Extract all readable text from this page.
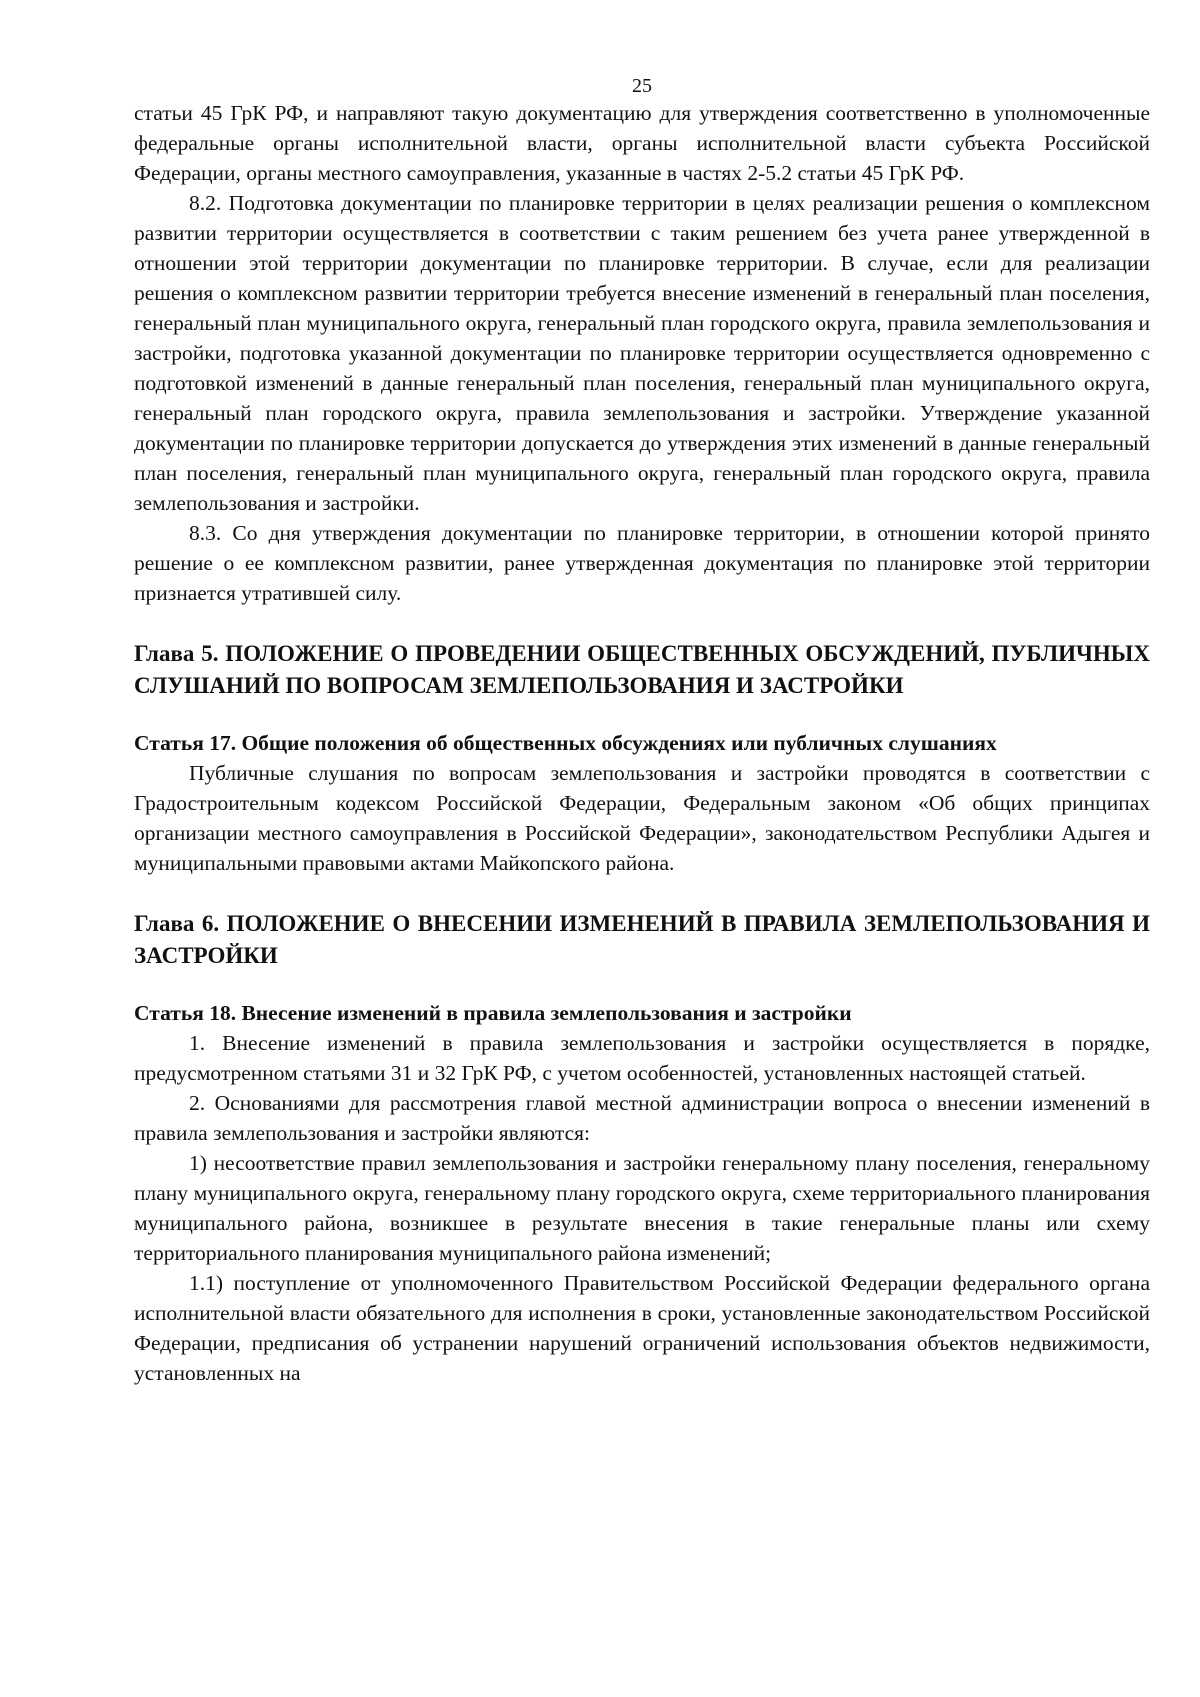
25

статьи 45 ГрК РФ, и направляют такую документацию для утверждения соответственно в уполномоченные федеральные органы исполнительной власти, органы исполнительной власти субъекта Российской Федерации, органы местного самоуправления, указанные в частях 2-5.2 статьи 45 ГрК РФ.

8.2. Подготовка документации по планировке территории в целях реализации решения о комплексном развитии территории осуществляется в соответствии с таким решением без учета ранее утвержденной в отношении этой территории документации по планировке территории. В случае, если для реализации решения о комплексном развитии территории требуется внесение изменений в генеральный план поселения, генеральный план муниципального округа, генеральный план городского округа, правила землепользования и застройки, подготовка указанной документации по планировке территории осуществляется одновременно с подготовкой изменений в данные генеральный план поселения, генеральный план муниципального округа, генеральный план городского округа, правила землепользования и застройки. Утверждение указанной документации по планировке территории допускается до утверждения этих изменений в данные генеральный план поселения, генеральный план муниципального округа, генеральный план городского округа, правила землепользования и застройки.

8.3. Со дня утверждения документации по планировке территории, в отношении которой принято решение о ее комплексном развитии, ранее утвержденная документация по планировке этой территории признается утратившей силу.

Глава 5. ПОЛОЖЕНИЕ О ПРОВЕДЕНИИ ОБЩЕСТВЕННЫХ ОБСУЖДЕНИЙ, ПУБЛИЧНЫХ СЛУШАНИЙ ПО ВОПРОСАМ ЗЕМЛЕПОЛЬЗОВАНИЯ И ЗАСТРОЙКИ
Статья 17. Общие положения об общественных обсуждениях или публичных слушаниях

Публичные слушания по вопросам землепользования и застройки проводятся в соответствии с Градостроительным кодексом Российской Федерации, Федеральным законом «Об общих принципах организации местного самоуправления в Российской Федерации», законодательством Республики Адыгея и муниципальными правовыми актами Майкопского района.

Глава 6. ПОЛОЖЕНИЕ О ВНЕСЕНИИ ИЗМЕНЕНИЙ В ПРАВИЛА ЗЕМЛЕПОЛЬЗОВАНИЯ И ЗАСТРОЙКИ
Статья 18. Внесение изменений в правила землепользования и застройки

1. Внесение изменений в правила землепользования и застройки осуществляется в порядке, предусмотренном статьями 31 и 32 ГрК РФ, с учетом особенностей, установленных настоящей статьей.

2. Основаниями для рассмотрения главой местной администрации вопроса о внесении изменений в правила землепользования и застройки являются:

1) несоответствие правил землепользования и застройки генеральному плану поселения, генеральному плану муниципального округа, генеральному плану городского округа, схеме территориального планирования муниципального района, возникшее в результате внесения в такие генеральные планы или схему территориального планирования муниципального района изменений;

1.1) поступление от уполномоченного Правительством Российской Федерации федерального органа исполнительной власти обязательного для исполнения в сроки, установленные законодательством Российской Федерации, предписания об устранении нарушений ограничений использования объектов недвижимости, установленных на
